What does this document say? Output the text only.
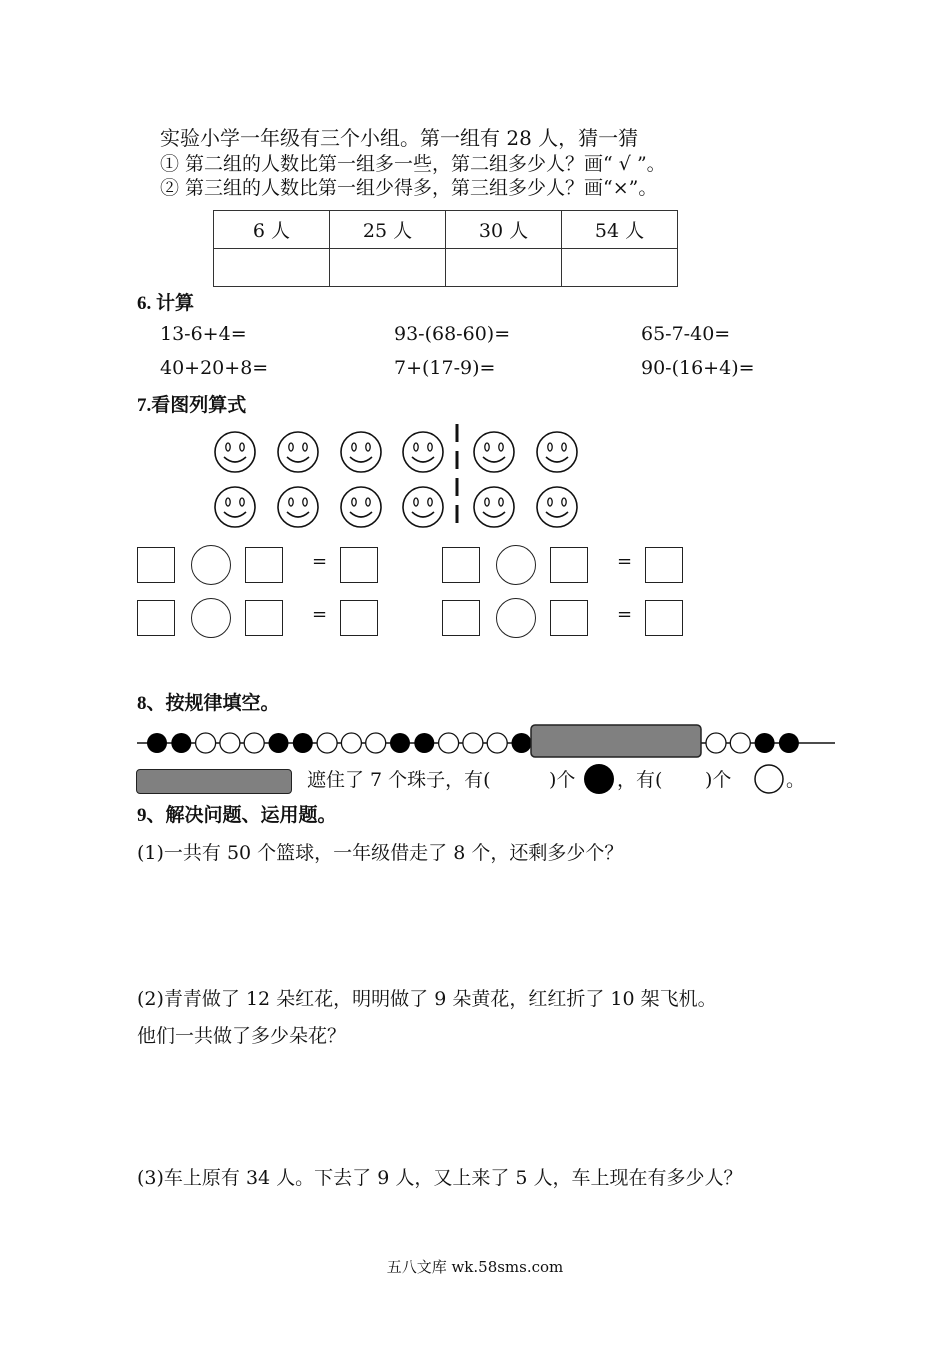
实验小学一年级有三个小组。第一组有 28 人，猜一猜
① 第二组的人数比第一组多一些，第二组多少人？画“ √ ”。
② 第三组的人数比第一组少得多，第三组多少人？画“×”。
6 人	25 人	30 人	54 人

6. 计算
13-6+4=	93-(68-60)=	65-7-40=
40+20+8=	7+(17-9)=	90-(16+4)=
7.看图列算式
=	=
=	=
8、按规律填空。
遮住了 7 个珠子，有(	)个 ，有( )个	。
9、解决问题、运用题。
(1)一共有 50 个篮球，一年级借走了 8 个，还剩多少个？
(2)青青做了 12 朵红花，明明做了 9 朵黄花，红红折了 10 架飞机。
他们一共做了多少朵花？
(3)车上原有 34 人。下去了 9 人，又上来了 5 人，车上现在有多少人？
五八文库 wk.58sms.com
